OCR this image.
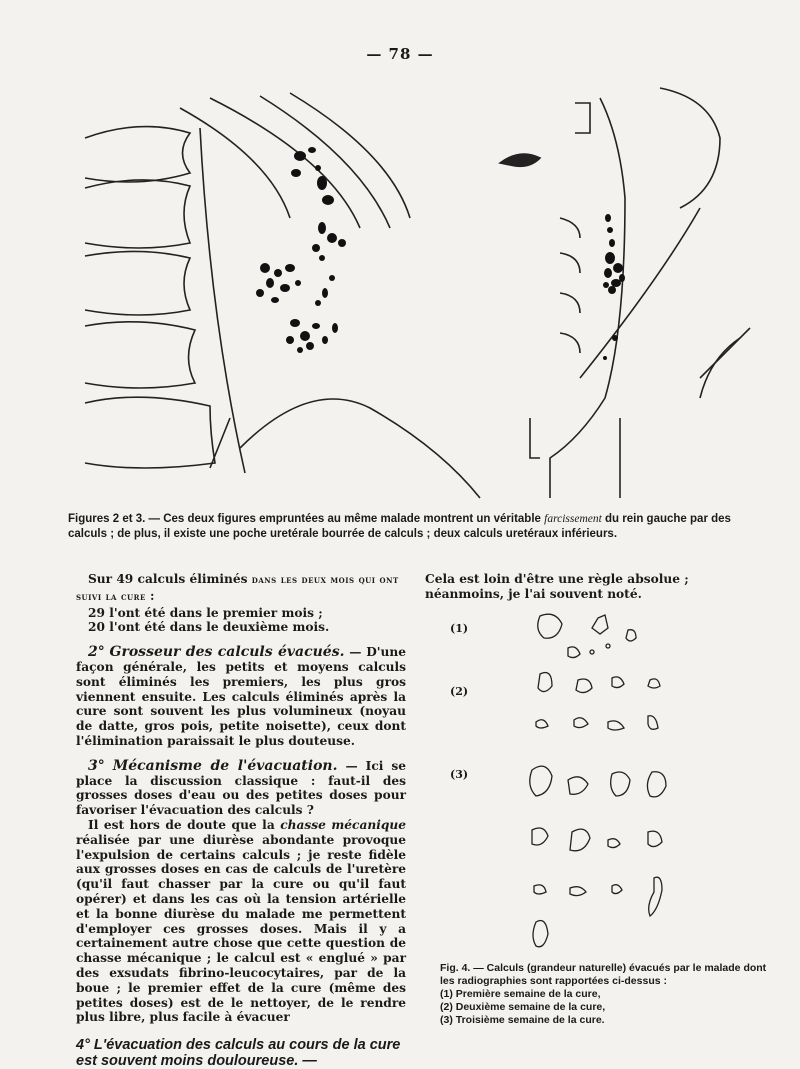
— 78 —
Figures 2 et 3. — Ces deux figures empruntées au même malade montrent un véritable farcissement du rein gauche par des calculs ; de plus, il existe une poche uretérale bourrée de calculs ; deux calculs uretéraux inférieurs.

Sur 49 calculs éliminés dans les deux mois qui ont suivi la cure :

29 l'ont été dans le premier mois ;

20 l'ont été dans le deuxième mois.

2° Grosseur des calculs évacués. — D'une façon générale, les petits et moyens calculs sont éliminés les premiers, les plus gros viennent ensuite. Les calculs éliminés après la cure sont souvent les plus volumineux (noyau de datte, gros pois, petite noisette), ceux dont l'élimination paraissait le plus douteuse.

3° Mécanisme de l'évacuation. — Ici se place la discussion classique : faut-il des grosses doses d'eau ou des petites doses pour favoriser l'évacuation des calculs ?

Il est hors de doute que la chasse mécanique réalisée par une diurèse abondante provoque l'expulsion de certains calculs ; je reste fidèle aux grosses doses en cas de calculs de l'uretère (qu'il faut chasser par la cure ou qu'il faut opérer) et dans les cas où la tension artérielle et la bonne diurèse du malade me permettent d'employer ces grosses doses. Mais il y a certainement autre chose que cette question de chasse mécanique ; le calcul est « englué » par des exsudats fibrino-leucocytaires, par de la boue ; le premier effet de la cure (même des petites doses) est de le nettoyer, de le rendre plus libre, plus facile à évacuer

4° L'évacuation des calculs au cours de la cure est souvent moins douloureuse. —

Cela est loin d'être une règle absolue ; néanmoins, je l'ai souvent noté.

(1)
(2)
(3)

Fig. 4. — Calculs (grandeur naturelle) évacués par le malade dont les radiographies sont rapportées ci-dessus :

(1) Première semaine de la cure,

(2) Deuxième semaine de la cure,

(3) Troisième semaine de la cure.
